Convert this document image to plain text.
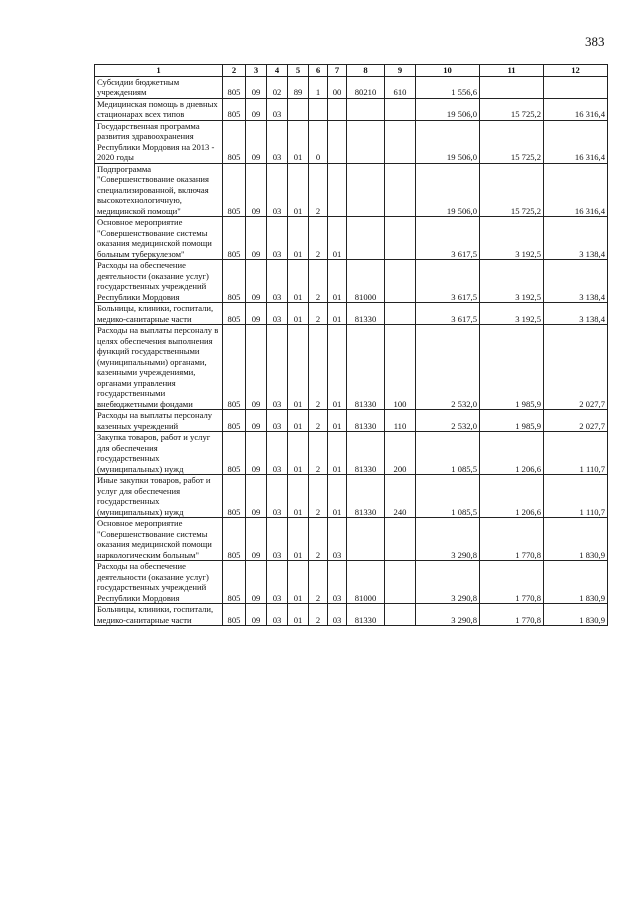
383
1	2	3	4	5	6	7	8	9	10	11	12
Субсидии бюджетным учреждениям	805	09	02	89	1	00	80210	610	1 556,6		
Медицинская помощь в дневных стационарах всех типов	805	09	03						19 506,0	15 725,2	16 316,4
Государственная программа развития здравоохранения Республики Мордовия на 2013 - 2020 годы	805	09	03	01	0				19 506,0	15 725,2	16 316,4
Подпрограмма "Совершенствование оказания специализированной, включая высокотехнологичную, медицинской помощи"	805	09	03	01	2				19 506,0	15 725,2	16 316,4
Основное мероприятие "Совершенствование системы оказания медицинской помощи больным туберкулезом"	805	09	03	01	2	01			3 617,5	3 192,5	3 138,4
Расходы на обеспечение деятельности (оказание услуг) государственных учреждений Республики Мордовия	805	09	03	01	2	01	81000		3 617,5	3 192,5	3 138,4
Больницы, клиники, госпитали, медико-санитарные части	805	09	03	01	2	01	81330		3 617,5	3 192,5	3 138,4
Расходы на выплаты персоналу в целях обеспечения выполнения функций государственными (муниципальными) органами, казенными учреждениями, органами управления государственными внебюджетными фондами	805	09	03	01	2	01	81330	100	2 532,0	1 985,9	2 027,7
Расходы на выплаты персоналу казенных учреждений	805	09	03	01	2	01	81330	110	2 532,0	1 985,9	2 027,7
Закупка товаров, работ и услуг для обеспечения государственных (муниципальных) нужд	805	09	03	01	2	01	81330	200	1 085,5	1 206,6	1 110,7
Иные закупки товаров, работ и услуг для обеспечения государственных (муниципальных) нужд	805	09	03	01	2	01	81330	240	1 085,5	1 206,6	1 110,7
Основное мероприятие "Совершенствование системы оказания медицинской помощи наркологическим больным"	805	09	03	01	2	03			3 290,8	1 770,8	1 830,9
Расходы на обеспечение деятельности (оказание услуг) государственных учреждений Республики Мордовия	805	09	03	01	2	03	81000		3 290,8	1 770,8	1 830,9
Больницы, клиники, госпитали, медико-санитарные части	805	09	03	01	2	03	81330		3 290,8	1 770,8	1 830,9
